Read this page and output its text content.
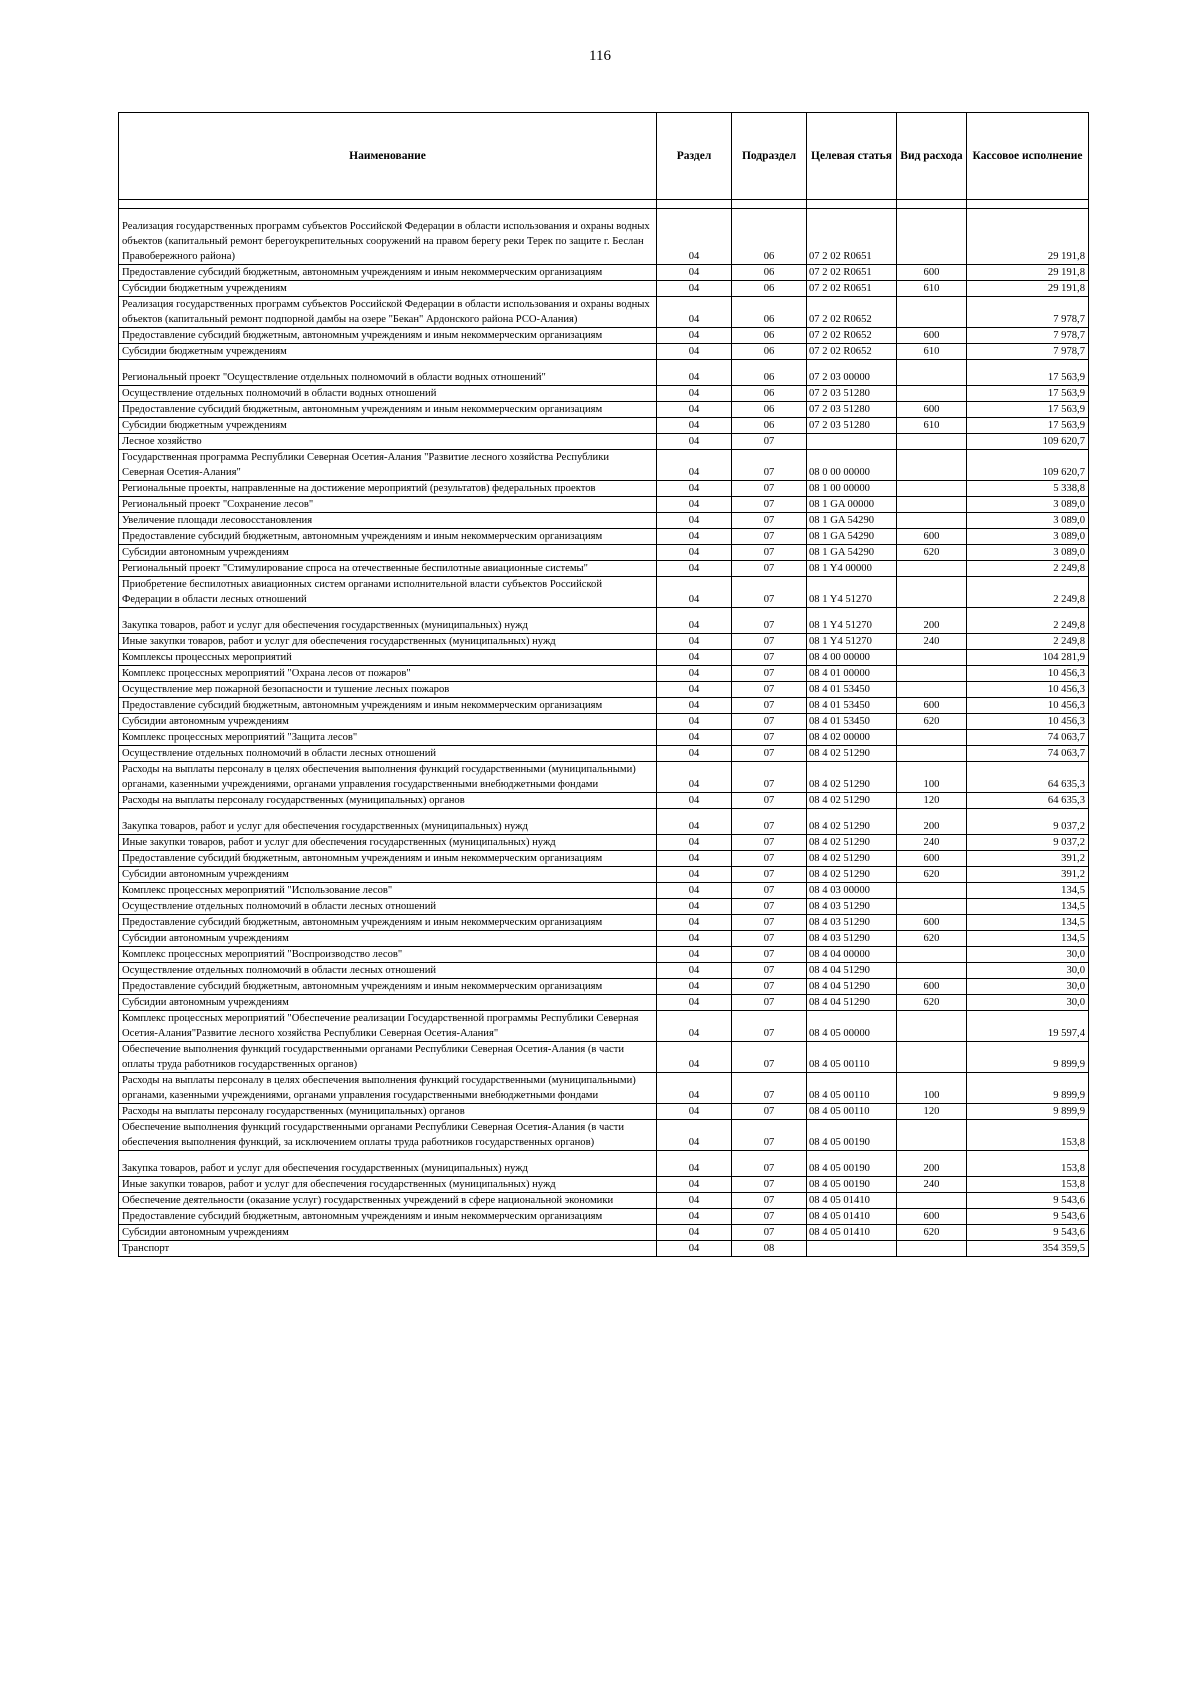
116
Наименование	Раздел	Подраздел	Целевая статья	Вид расхода	Кассовое исполнение

Реализация государственных программ субъектов Российской Федерации в области использования и охраны водных объектов (капитальный ремонт берегоукрепительных сооружений на правом берегу реки Терек по защите г. Беслан Правобережного района)	04	06	07 2 02 R0651		29 191,8
Предоставление субсидий бюджетным, автономным учреждениям и иным некоммерческим организациям	04	06	07 2 02 R0651	600	29 191,8
Субсидии бюджетным учреждениям	04	06	07 2 02 R0651	610	29 191,8
Реализация государственных программ субъектов Российской Федерации в области использования и охраны водных объектов (капитальный ремонт подпорной дамбы на озере "Бекан" Ардонского района РСО-Алания)	04	06	07 2 02 R0652		7 978,7
Предоставление субсидий бюджетным, автономным учреждениям и иным некоммерческим организациям	04	06	07 2 02 R0652	600	7 978,7
Субсидии бюджетным учреждениям	04	06	07 2 02 R0652	610	7 978,7
Региональный проект "Осуществление отдельных полномочий в области водных отношений"	04	06	07 2 03 00000		17 563,9
Осуществление отдельных полномочий в области водных отношений	04	06	07 2 03 51280		17 563,9
Предоставление субсидий бюджетным, автономным учреждениям и иным некоммерческим организациям	04	06	07 2 03 51280	600	17 563,9
Субсидии бюджетным учреждениям	04	06	07 2 03 51280	610	17 563,9
Лесное хозяйство	04	07			109 620,7
Государственная программа Республики Северная Осетия-Алания "Развитие лесного хозяйства Республики Северная Осетия-Алания"	04	07	08 0 00 00000		109 620,7
Региональные проекты, направленные на достижение мероприятий (результатов) федеральных проектов	04	07	08 1 00 00000		5 338,8
Региональный проект "Сохранение лесов"	04	07	08 1 GA 00000		3 089,0
Увеличение площади лесовосстановления	04	07	08 1 GA 54290		3 089,0
Предоставление субсидий бюджетным, автономным учреждениям и иным некоммерческим организациям	04	07	08 1 GA 54290	600	3 089,0
Субсидии автономным учреждениям	04	07	08 1 GA 54290	620	3 089,0
Региональный проект "Стимулирование спроса на отечественные беспилотные авиационные системы"	04	07	08 1 Y4 00000		2 249,8
Приобретение беспилотных авиационных систем органами исполнительной власти субъектов Российской Федерации в области лесных отношений	04	07	08 1 Y4 51270		2 249,8
Закупка товаров, работ и услуг для обеспечения государственных (муниципальных) нужд	04	07	08 1 Y4 51270	200	2 249,8
Иные закупки товаров, работ и услуг для обеспечения государственных (муниципальных) нужд	04	07	08 1 Y4 51270	240	2 249,8
Комплексы процессных мероприятий	04	07	08 4 00 00000		104 281,9
Комплекс процессных мероприятий "Охрана лесов от пожаров"	04	07	08 4 01 00000		10 456,3
Осуществление мер пожарной безопасности и тушение лесных пожаров	04	07	08 4 01 53450		10 456,3
Предоставление субсидий бюджетным, автономным учреждениям и иным некоммерческим организациям	04	07	08 4 01 53450	600	10 456,3
Субсидии автономным учреждениям	04	07	08 4 01 53450	620	10 456,3
Комплекс процессных мероприятий "Защита лесов"	04	07	08 4 02 00000		74 063,7
Осуществление отдельных полномочий в области лесных отношений	04	07	08 4 02 51290		74 063,7
Расходы на выплаты персоналу в целях обеспечения выполнения функций государственными (муниципальными) органами, казенными учреждениями, органами управления государственными внебюджетными фондами	04	07	08 4 02 51290	100	64 635,3
Расходы на выплаты персоналу государственных (муниципальных) органов	04	07	08 4 02 51290	120	64 635,3
Закупка товаров, работ и услуг для обеспечения государственных (муниципальных) нужд	04	07	08 4 02 51290	200	9 037,2
Иные закупки товаров, работ и услуг для обеспечения государственных (муниципальных) нужд	04	07	08 4 02 51290	240	9 037,2
Предоставление субсидий бюджетным, автономным учреждениям и иным некоммерческим организациям	04	07	08 4 02 51290	600	391,2
Субсидии автономным учреждениям	04	07	08 4 02 51290	620	391,2
Комплекс процессных мероприятий "Использование лесов"	04	07	08 4 03 00000		134,5
Осуществление отдельных полномочий в области лесных отношений	04	07	08 4 03 51290		134,5
Предоставление субсидий бюджетным, автономным учреждениям и иным некоммерческим организациям	04	07	08 4 03 51290	600	134,5
Субсидии автономным учреждениям	04	07	08 4 03 51290	620	134,5
Комплекс процессных мероприятий "Воспроизводство лесов"	04	07	08 4 04 00000		30,0
Осуществление отдельных полномочий в области лесных отношений	04	07	08 4 04 51290		30,0
Предоставление субсидий бюджетным, автономным учреждениям и иным некоммерческим организациям	04	07	08 4 04 51290	600	30,0
Субсидии автономным учреждениям	04	07	08 4 04 51290	620	30,0
Комплекс процессных мероприятий "Обеспечение реализации Государственной программы Республики Северная Осетия-Алания"Развитие лесного хозяйства Республики Северная Осетия-Алания"	04	07	08 4 05 00000		19 597,4
Обеспечение выполнения функций государственными органами Республики Северная Осетия-Алания (в части оплаты труда работников государственных органов)	04	07	08 4 05 00110		9 899,9
Расходы на выплаты персоналу в целях обеспечения выполнения функций государственными (муниципальными) органами, казенными учреждениями, органами управления государственными внебюджетными фондами	04	07	08 4 05 00110	100	9 899,9
Расходы на выплаты персоналу государственных (муниципальных) органов	04	07	08 4 05 00110	120	9 899,9
Обеспечение выполнения функций государственными органами Республики Северная Осетия-Алания (в части обеспечения выполнения функций, за исключением оплаты труда работников государственных органов)	04	07	08 4 05 00190		153,8
Закупка товаров, работ и услуг для обеспечения государственных (муниципальных) нужд	04	07	08 4 05 00190	200	153,8
Иные закупки товаров, работ и услуг для обеспечения государственных (муниципальных) нужд	04	07	08 4 05 00190	240	153,8
Обеспечение деятельности (оказание услуг) государственных учреждений в сфере национальной экономики	04	07	08 4 05 01410		9 543,6
Предоставление субсидий бюджетным, автономным учреждениям и иным некоммерческим организациям	04	07	08 4 05 01410	600	9 543,6
Субсидии автономным учреждениям	04	07	08 4 05 01410	620	9 543,6
Транспорт	04	08			354 359,5
